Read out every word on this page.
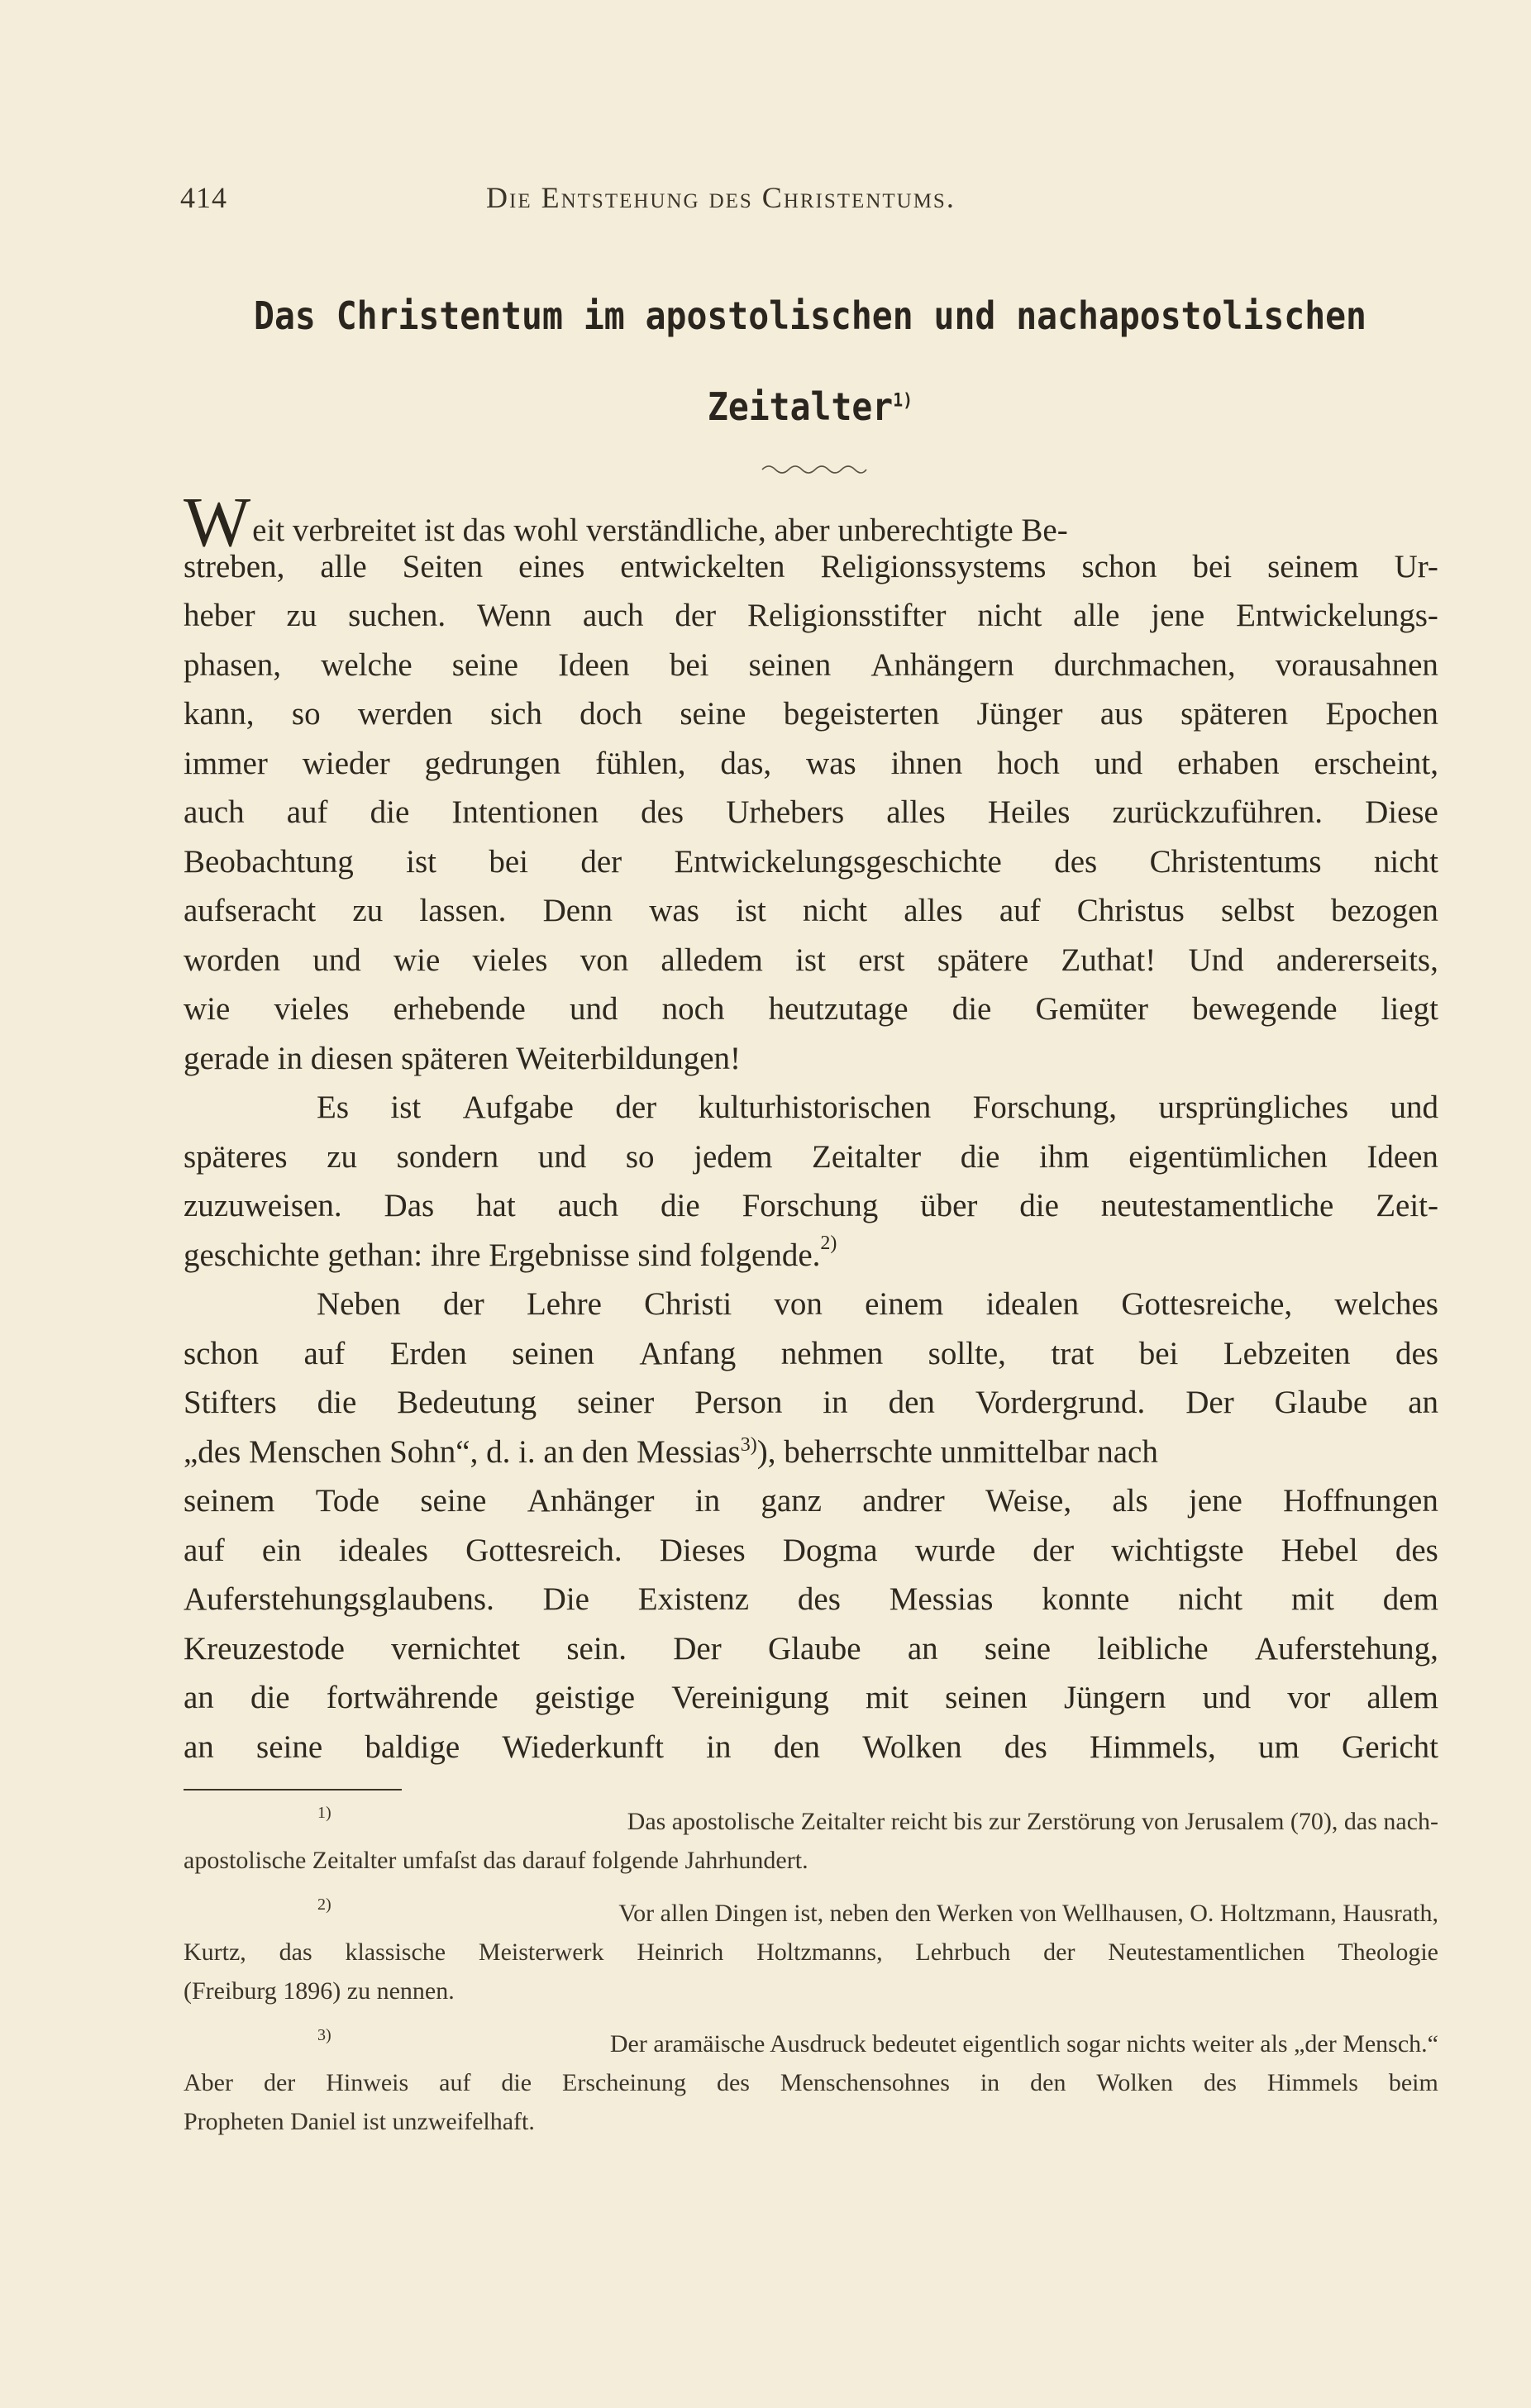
414	Die Entstehung des Christentums.
Das Christentum im apostolischen und nachapostolischen
Zeitalter$^{1)}$
Weit verbreitet ist das wohl verständliche, aber unberechtigte Be-
streben, alle Seiten eines entwickelten Religionssystems schon bei seinem Ur-
heber zu suchen. Wenn auch der Religionsstifter nicht alle jene Entwickelungs-
phasen, welche seine Ideen bei seinen Anhängern durchmachen, vorausahnen
kann, so werden sich doch seine begeisterten Jünger aus späteren Epochen
immer wieder gedrungen fühlen, das, was ihnen hoch und erhaben erscheint,
auch auf die Intentionen des Urhebers alles Heiles zurückzuführen. Diese
Beobachtung ist bei der Entwickelungsgeschichte des Christentums nicht
aufseracht zu lassen. Denn was ist nicht alles auf Christus selbst bezogen
worden und wie vieles von alledem ist erst spätere Zuthat! Und andererseits,
wie vieles erhebende und noch heutzutage die Gemüter bewegende liegt
gerade in diesen späteren Weiterbildungen!
Es ist Aufgabe der kulturhistorischen Forschung, ursprüngliches und
späteres zu sondern und so jedem Zeitalter die ihm eigentümlichen Ideen
zuzuweisen. Das hat auch die Forschung über die neutestamentliche Zeit-
geschichte gethan: ihre Ergebnisse sind folgende. 2)
Neben der Lehre Christi von einem idealen Gottesreiche, welches
schon auf Erden seinen Anfang nehmen sollte, trat bei Lebzeiten des
Stifters die Bedeutung seiner Person in den Vordergrund. Der Glaube an
„des Menschen Sohn“, d. i. an den Messias$^{3)}$), beherrschte unmittelbar nach
seinem Tode seine Anhänger in ganz andrer Weise, als jene Hoffnungen
auf ein ideales Gottesreich. Dieses Dogma wurde der wichtigste Hebel des
Auferstehungsglaubens. Die Existenz des Messias konnte nicht mit dem
Kreuzestode vernichtet sein. Der Glaube an seine leibliche Auferstehung,
an die fortwährende geistige Vereinigung mit seinen Jüngern und vor allem
an seine baldige Wiederkunft in den Wolken des Himmels, um Gericht
1)	Das apostolische Zeitalter reicht bis zur Zerstörung von Jerusalem (70), das nach-
apostolische Zeitalter umfaſst das darauf folgende Jahrhundert.
2)	Vor allen Dingen ist, neben den Werken von Wellhausen, O. Holtzmann, Hausrath,
Kurtz, das klassische Meisterwerk Heinrich Holtzmanns, Lehrbuch der Neutestamentlichen Theologie
(Freiburg 1896) zu nennen.
3)	Der aramäische Ausdruck bedeutet eigentlich sogar nichts weiter als „der Mensch.“
Aber der Hinweis auf die Erscheinung des Menschensohnes in den Wolken des Himmels beim
Propheten Daniel ist unzweifelhaft.
